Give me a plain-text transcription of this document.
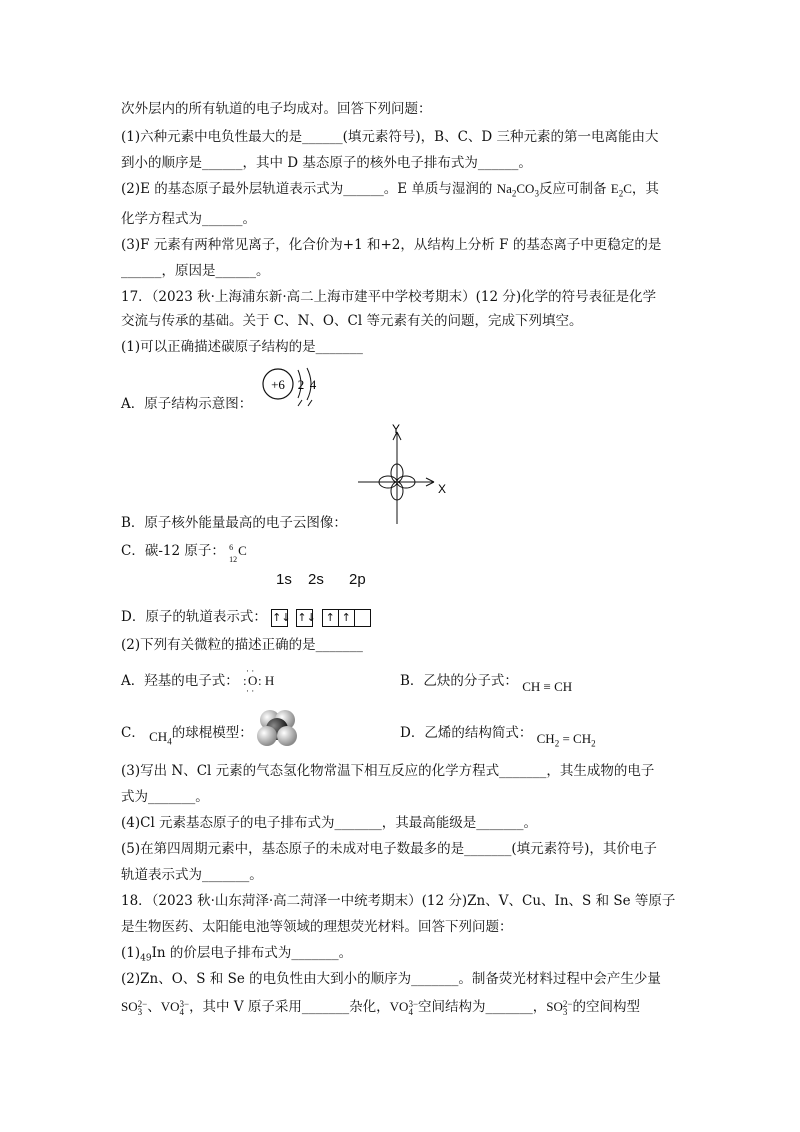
次外层内的所有轨道的电子均成对。回答下列问题：
(1)六种元素中电负性最大的是______(填元素符号)，B、C、D 三种元素的第一电离能由大
到小的顺序是______，其中 D 基态原子的核外电子排布式为______。
(2)E 的基态原子最外层轨道表示式为______。E 单质与湿润的 $Na_2CO_3$反应可制备 $E_2C$，其
化学方程式为______。
(3)F 元素有两种常见离子，化合价为+1 和+2，从结构上分析 F 的基态离子中更稳定的是
______，原因是______。
17．（2023 秋·上海浦东新·高二上海市建平中学校考期末）(12 分)化学的符号表征是化学
交流与传承的基础。关于 C、N、O、Cl 等元素有关的问题，完成下列填空。
(1)可以正确描述碳原子结构的是_______
A．原子结构示意图：
+6 2 4
Y
X
B．原子核外能量最高的电子云图像：
C．碳-12 原子： 6
12
C
1s 2s 2p
D．原子的轨道表示式： ↑↓ ↑↓ ↑ ↑
(2)下列有关微粒的描述正确的是_______
A．羟基的电子式：
· ·
: O : H
· ·
B．乙炔的分子式： CH ≡ CH
C． $CH_4$的球棍模型：	D．乙烯的结构简式： $CH_2 = CH_2$
(3)写出 N、Cl 元素的气态氢化物常温下相互反应的化学方程式_______，其生成物的电子
式为_______。
(4)Cl 元素基态原子的电子排布式为_______，其最高能级是_______。
(5)在第四周期元素中，基态原子的未成对电子数最多的是_______(填元素符号)，其价电子
轨道表示式为_______。
18．（2023 秋·山东菏泽·高二菏泽一中统考期末）(12 分)Zn、V、Cu、In、S 和 Se 等原子
是生物医药、太阳能电池等领域的理想荧光材料。回答下列问题：
$(1)_{49}In$ 的价层电子排布式为_______。
(2)Zn、O、S 和 Se 的电负性由大到小的顺序为_______。制备荧光材料过程中会产生少量
SO2−
3 、VO3−
4 ，其中 V 原子采用_______杂化，VO3−
4 空间结构为_______，SO2−
3 的空间构型
